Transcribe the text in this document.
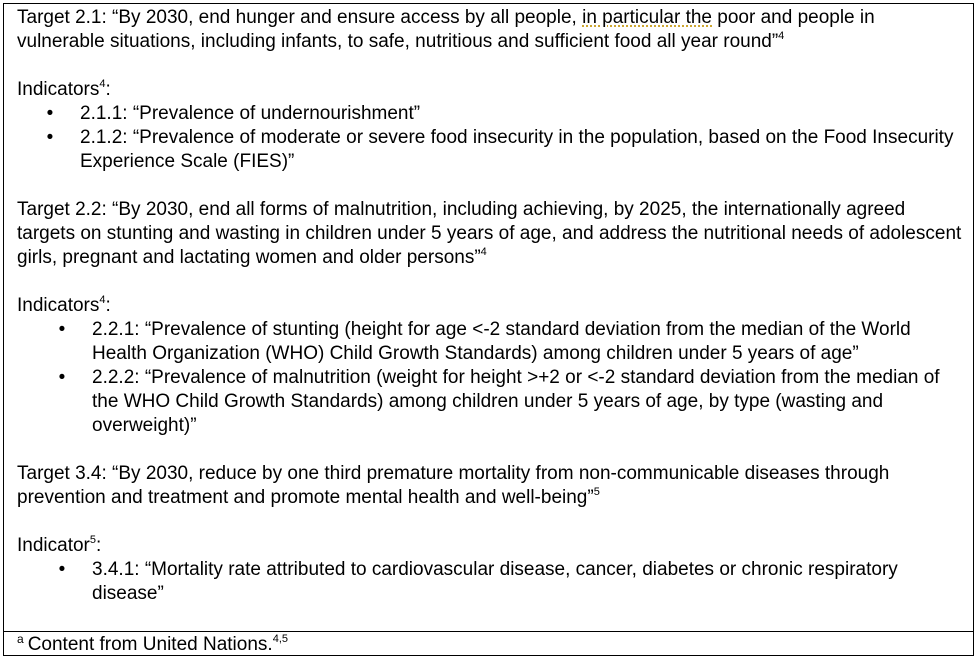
Target 2.1: “By 2030, end hunger and ensure access by all people, in particular the poor and people in vulnerable situations, including infants, to safe, nutritious and sufficient food all year round”$^4$

Indicators$^4$:

•	2.1.1: “Prevalence of undernourishment”
•	2.1.2: “Prevalence of moderate or severe food insecurity in the population, based on the Food Insecurity Experience Scale (FIES)”

Target 2.2: “By 2030, end all forms of malnutrition, including achieving, by 2025, the internationally agreed targets on stunting and wasting in children under 5 years of age, and address the nutritional needs of adolescent girls, pregnant and lactating women and older persons”$^4$

Indicators$^4$:

•	2.2.1: “Prevalence of stunting (height for age <-2 standard deviation from the median of the World Health Organization (WHO) Child Growth Standards) among children under 5 years of age”
•	2.2.2: “Prevalence of malnutrition (weight for height >+2 or <-2 standard deviation from the median of the WHO Child Growth Standards) among children under 5 years of age, by type (wasting and overweight)”

Target 3.4: “By 2030, reduce by one third premature mortality from non-communicable diseases through prevention and treatment and promote mental health and well-being”$^5$

Indicator$^5$:

•	3.4.1: “Mortality rate attributed to cardiovascular disease, cancer, diabetes or chronic respiratory disease”
$^a$ Content from United Nations.$^{4,5}$
